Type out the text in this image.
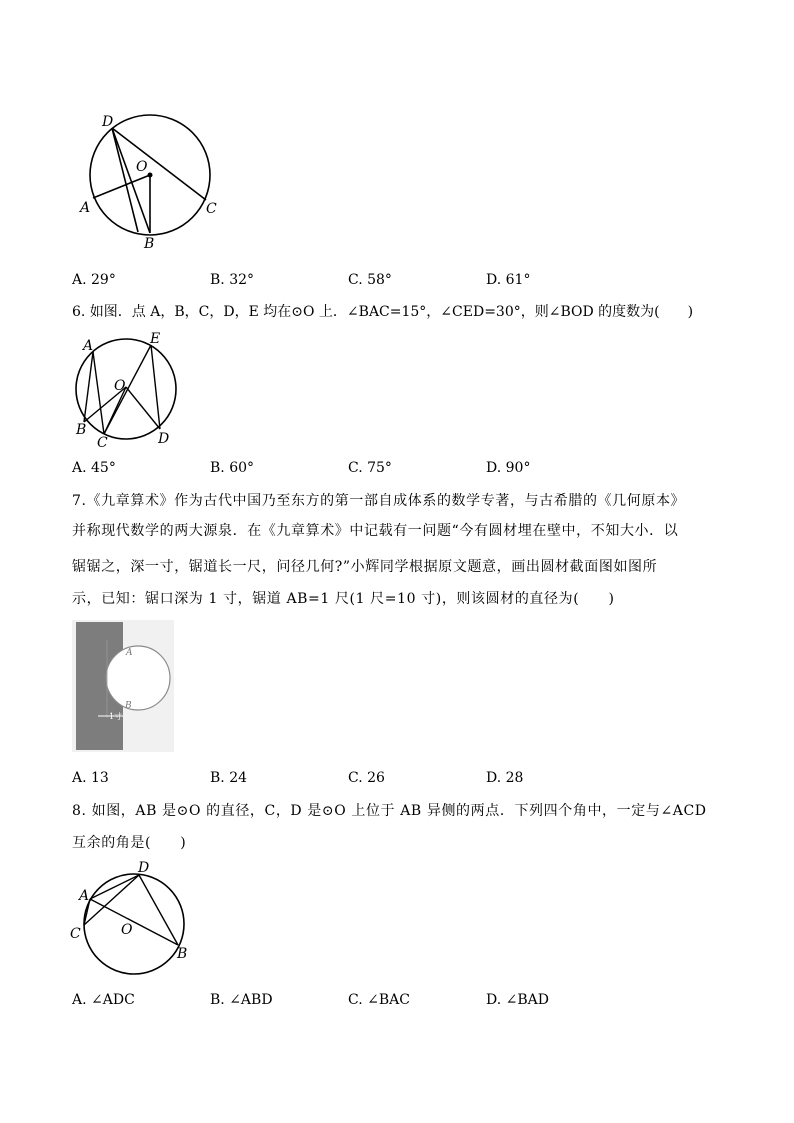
D
O
A	C
B
A. 29°	B. 32°	C. 58°	D. 61°
6. 如图．点 A，B，C，D，E 均在⊙O 上．∠BAC=15°，∠CED=30°，则∠BOD 的度数为(　　)
A	E
O
B
C	D
A. 45°	B. 60°	C. 75°	D. 90°
7.《九章算术》作为古代中国乃至东方的第一部自成体系的数学专著，与古希腊的《几何原本》
并称现代数学的两大源泉．在《九章算术》中记载有一问题“今有圆材埋在壁中，不知大小．以
锯锯之，深一寸，锯道长一尺，问径几何?”小辉同学根据原文题意，画出圆材截面图如图所
示，已知：锯口深为 1 寸，锯道 AB=1 尺(1 尺=10 寸)，则该圆材的直径为(　　)
A
B
1寸
A. 13	B. 24	C. 26	D. 28
8. 如图，AB 是⊙O 的直径，C，D 是⊙O 上位于 AB 异侧的两点．下列四个角中，一定与∠ACD
互余的角是(　　)
D
A
C	O
B
A. ∠ADC	B. ∠ABD	C. ∠BAC	D. ∠BAD
